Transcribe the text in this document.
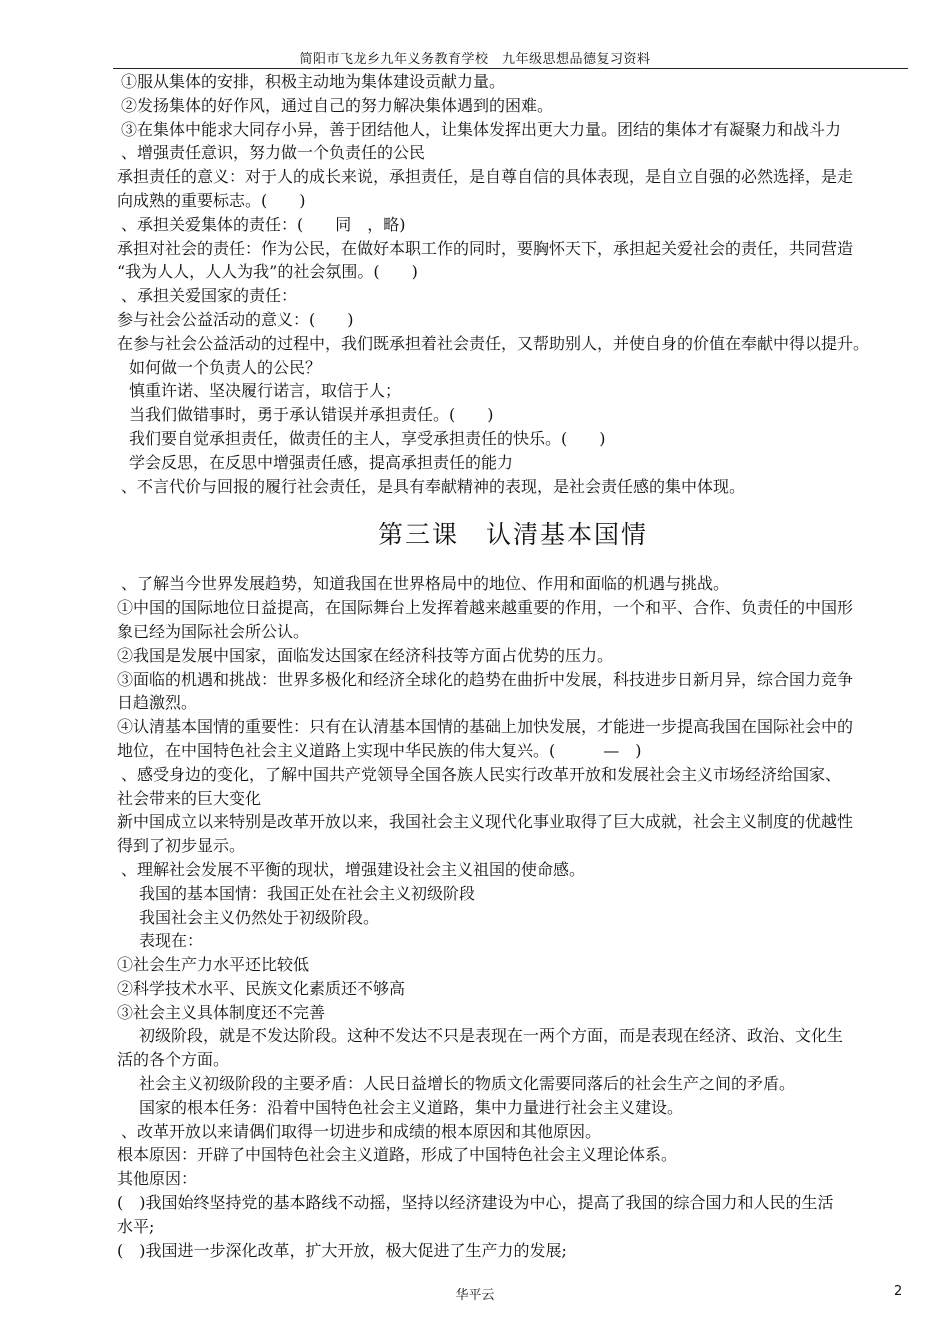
简阳市飞龙乡九年义务教育学校　九年级思想品德复习资料
①服从集体的安排，积极主动地为集体建设贡献力量。
②发扬集体的好作风，通过自己的努力解决集体遇到的困难。
③在集体中能求大同存小异，善于团结他人，让集体发挥出更大力量。团结的集体才有凝聚力和战斗力
、增强责任意识，努力做一个负责任的公民
承担责任的意义：对于人的成长来说，承担责任，是自尊自信的具体表现，是自立自强的必然选择，是走
向成熟的重要标志。(　　)
、承担关爱集体的责任：(　　同　，略)
承担对社会的责任：作为公民，在做好本职工作的同时，要胸怀天下，承担起关爱社会的责任，共同营造
“我为人人，人人为我”的社会氛围。(　　)
、承担关爱国家的责任：
参与社会公益活动的意义：(　　)
在参与社会公益活动的过程中，我们既承担着社会责任，又帮助别人，并使自身的价值在奉献中得以提升。
如何做一个负责人的公民？
慎重许诺、坚决履行诺言，取信于人；
当我们做错事时，勇于承认错误并承担责任。(　　)
我们要自觉承担责任，做责任的主人，享受承担责任的快乐。(　　)
学会反思，在反思中增强责任感，提高承担责任的能力
、不言代价与回报的履行社会责任，是具有奉献精神的表现，是社会责任感的集中体现。
第三课　认清基本国情
、了解当今世界发展趋势，知道我国在世界格局中的地位、作用和面临的机遇与挑战。
①中国的国际地位日益提高，在国际舞台上发挥着越来越重要的作用，一个和平、合作、负责任的中国形
象已经为国际社会所公认。
②我国是发展中国家，面临发达国家在经济科技等方面占优势的压力。
③面临的机遇和挑战：世界多极化和经济全球化的趋势在曲折中发展，科技进步日新月异，综合国力竞争
日趋激烈。
④认清基本国情的重要性：只有在认清基本国情的基础上加快发展，才能进一步提高我国在国际社会中的
地位，在中国特色社会主义道路上实现中华民族的伟大复兴。(　　　—　)
、感受身边的变化，了解中国共产党领导全国各族人民实行改革开放和发展社会主义市场经济给国家、
社会带来的巨大变化
新中国成立以来特别是改革开放以来，我国社会主义现代化事业取得了巨大成就，社会主义制度的优越性
得到了初步显示。
、理解社会发展不平衡的现状，增强建设社会主义祖国的使命感。
我国的基本国情：我国正处在社会主义初级阶段
我国社会主义仍然处于初级阶段。
表现在：
①社会生产力水平还比较低
②科学技术水平、民族文化素质还不够高
③社会主义具体制度还不完善
初级阶段，就是不发达阶段。这种不发达不只是表现在一两个方面，而是表现在经济、政治、文化生
活的各个方面。
社会主义初级阶段的主要矛盾：人民日益增长的物质文化需要同落后的社会生产之间的矛盾。
国家的根本任务：沿着中国特色社会主义道路，集中力量进行社会主义建设。
、改革开放以来请偶们取得一切进步和成绩的根本原因和其他原因。
根本原因：开辟了中国特色社会主义道路，形成了中国特色社会主义理论体系。
其他原因：
(　)我国始终坚持党的基本路线不动摇，坚持以经济建设为中心，提高了我国的综合国力和人民的生活
水平;
(　)我国进一步深化改革，扩大开放，极大促进了生产力的发展;
华平云	2
